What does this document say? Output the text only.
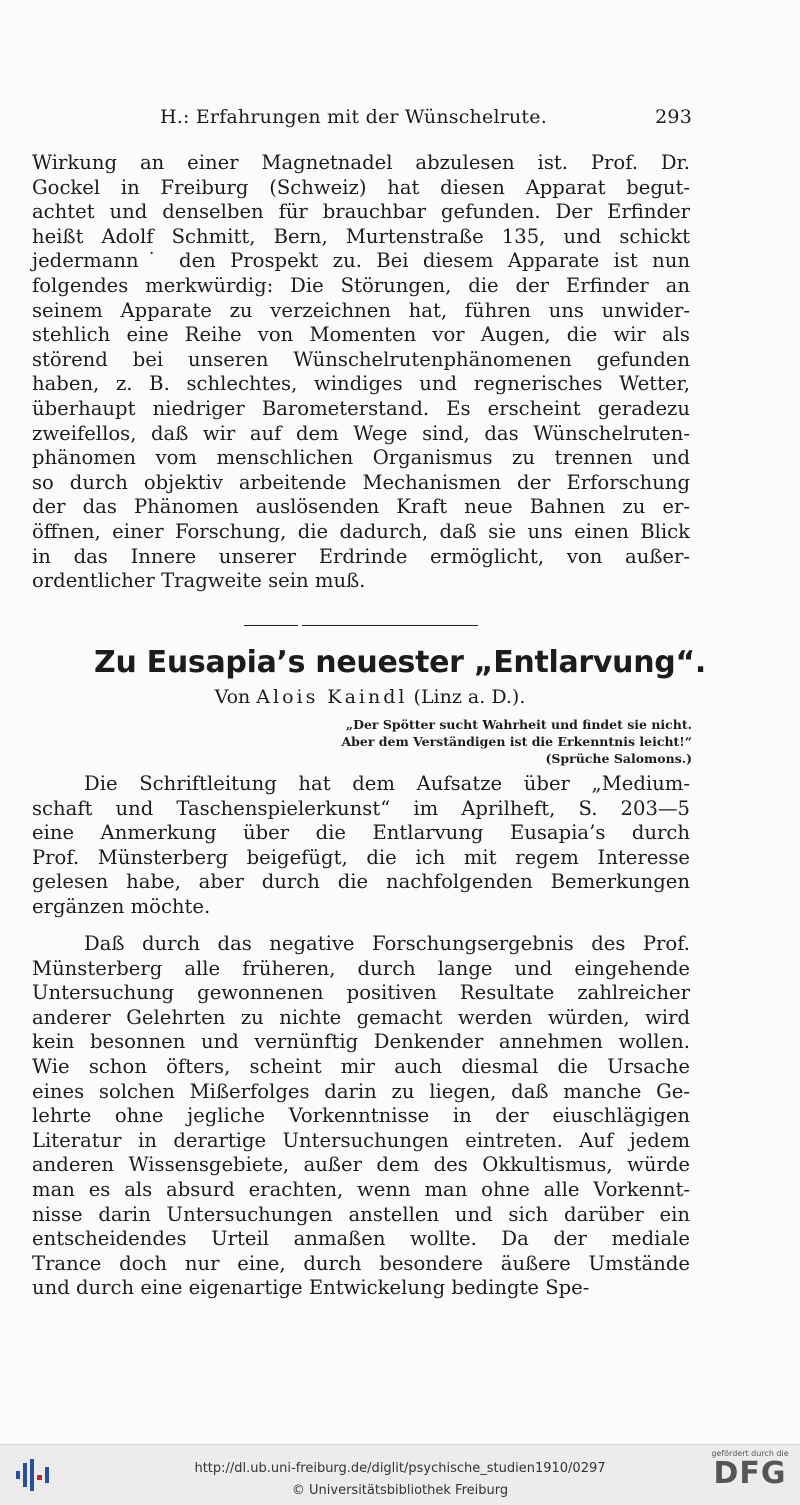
H.: Erfahrungen mit der Wünschelrute.	293
Wirkung an einer Magnetnadel abzulesen ist. Prof. Dr.
Gockel in Freiburg (Schweiz) hat diesen Apparat begut-
achtet und denselben für brauchbar gefunden. Der Erfinder
heißt Adolf Schmitt, Bern, Murtenstraße 135, und schickt
jedermann˙ den Prospekt zu. Bei diesem Apparate ist nun
folgendes merkwürdig: Die Störungen, die der Erfinder an
seinem Apparate zu verzeichnen hat, führen uns unwider-
stehlich eine Reihe von Momenten vor Augen, die wir als
störend bei unseren Wünschelrutenphänomenen gefunden
haben, z. B. schlechtes, windiges und regnerisches Wetter,
überhaupt niedriger Barometerstand. Es erscheint geradezu
zweifellos, daß wir auf dem Wege sind, das Wünschelruten-
phänomen vom menschlichen Organismus zu trennen und
so durch objektiv arbeitende Mechanismen der Erforschung
der das Phänomen auslösenden Kraft neue Bahnen zu er-
öffnen, einer Forschung, die dadurch, daß sie uns einen Blick
in das Innere unserer Erdrinde ermöglicht, von außer-
ordentlicher Tragweite sein muß.
Zu Eusapia’s neuester „Entlarvung“.
Von Alois Kaindl (Linz a. D.).
„Der Spötter sucht Wahrheit und findet sie nicht.
Aber dem Verständigen ist die Erkenntnis leicht!“
(Sprüche Salomons.)
Die Schriftleitung hat dem Aufsatze über „Medium-
schaft und Taschenspielerkunst“ im Aprilheft, S. 203—5
eine Anmerkung über die Entlarvung Eusapia’s durch
Prof. Münsterberg beigefügt, die ich mit regem Interesse
gelesen habe, aber durch die nachfolgenden Bemerkungen
ergänzen möchte.
Daß durch das negative Forschungsergebnis des Prof.
Münsterberg alle früheren, durch lange und eingehende
Untersuchung gewonnenen positiven Resultate zahlreicher
anderer Gelehrten zu nichte gemacht werden würden, wird
kein besonnen und vernünftig Denkender annehmen wollen.
Wie schon öfters, scheint mir auch diesmal die Ursache
eines solchen Mißerfolges darin zu liegen, daß manche Ge-
lehrte ohne jegliche Vorkenntnisse in der eiuschlägigen
Literatur in derartige Untersuchungen eintreten. Auf jedem
anderen Wissensgebiete, außer dem des Okkultismus, würde
man es als absurd erachten, wenn man ohne alle Vorkennt-
nisse darin Untersuchungen anstellen und sich darüber ein
entscheidendes Urteil anmaßen wollte. Da der mediale
Trance doch nur eine, durch besondere äußere Umstände
und durch eine eigenartige Entwickelung bedingte Spe-
http://dl.ub.uni-freiburg.de/diglit/psychische_studien1910/0297
© Universitätsbibliothek Freiburg
gefördert durch die
DFG
